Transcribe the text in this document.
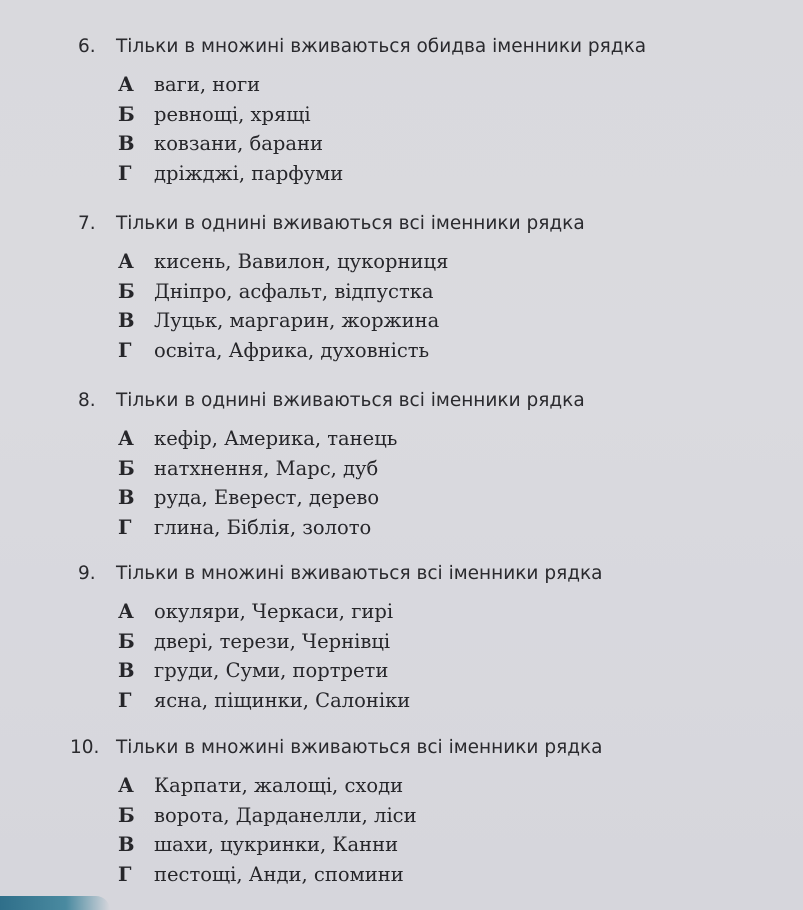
6. Тільки в множині вживаються обидва іменники рядка
А ваги, ноги
Б ревнощі, хрящі
В ковзани, барани
Г дріжджі, парфуми
7. Тільки в однині вживаються всі іменники рядка
А кисень, Вавилон, цукорниця
Б Дніпро, асфальт, відпустка
В Луцьк, маргарин, жоржина
Г освіта, Африка, духовність
8. Тільки в однині вживаються всі іменники рядка
А кефір, Америка, танець
Б натхнення, Марс, дуб
В руда, Еверест, дерево
Г глина, Біблія, золото
9. Тільки в множині вживаються всі іменники рядка
А окуляри, Черкаси, гирі
Б двері, терези, Чернівці
В груди, Суми, портрети
Г ясна, піщинки, Салоніки
10. Тільки в множині вживаються всі іменники рядка
А Карпати, жалощі, сходи
Б ворота, Дарданелли, ліси
В шахи, цукринки, Канни
Г пестощі, Анди, спомини
